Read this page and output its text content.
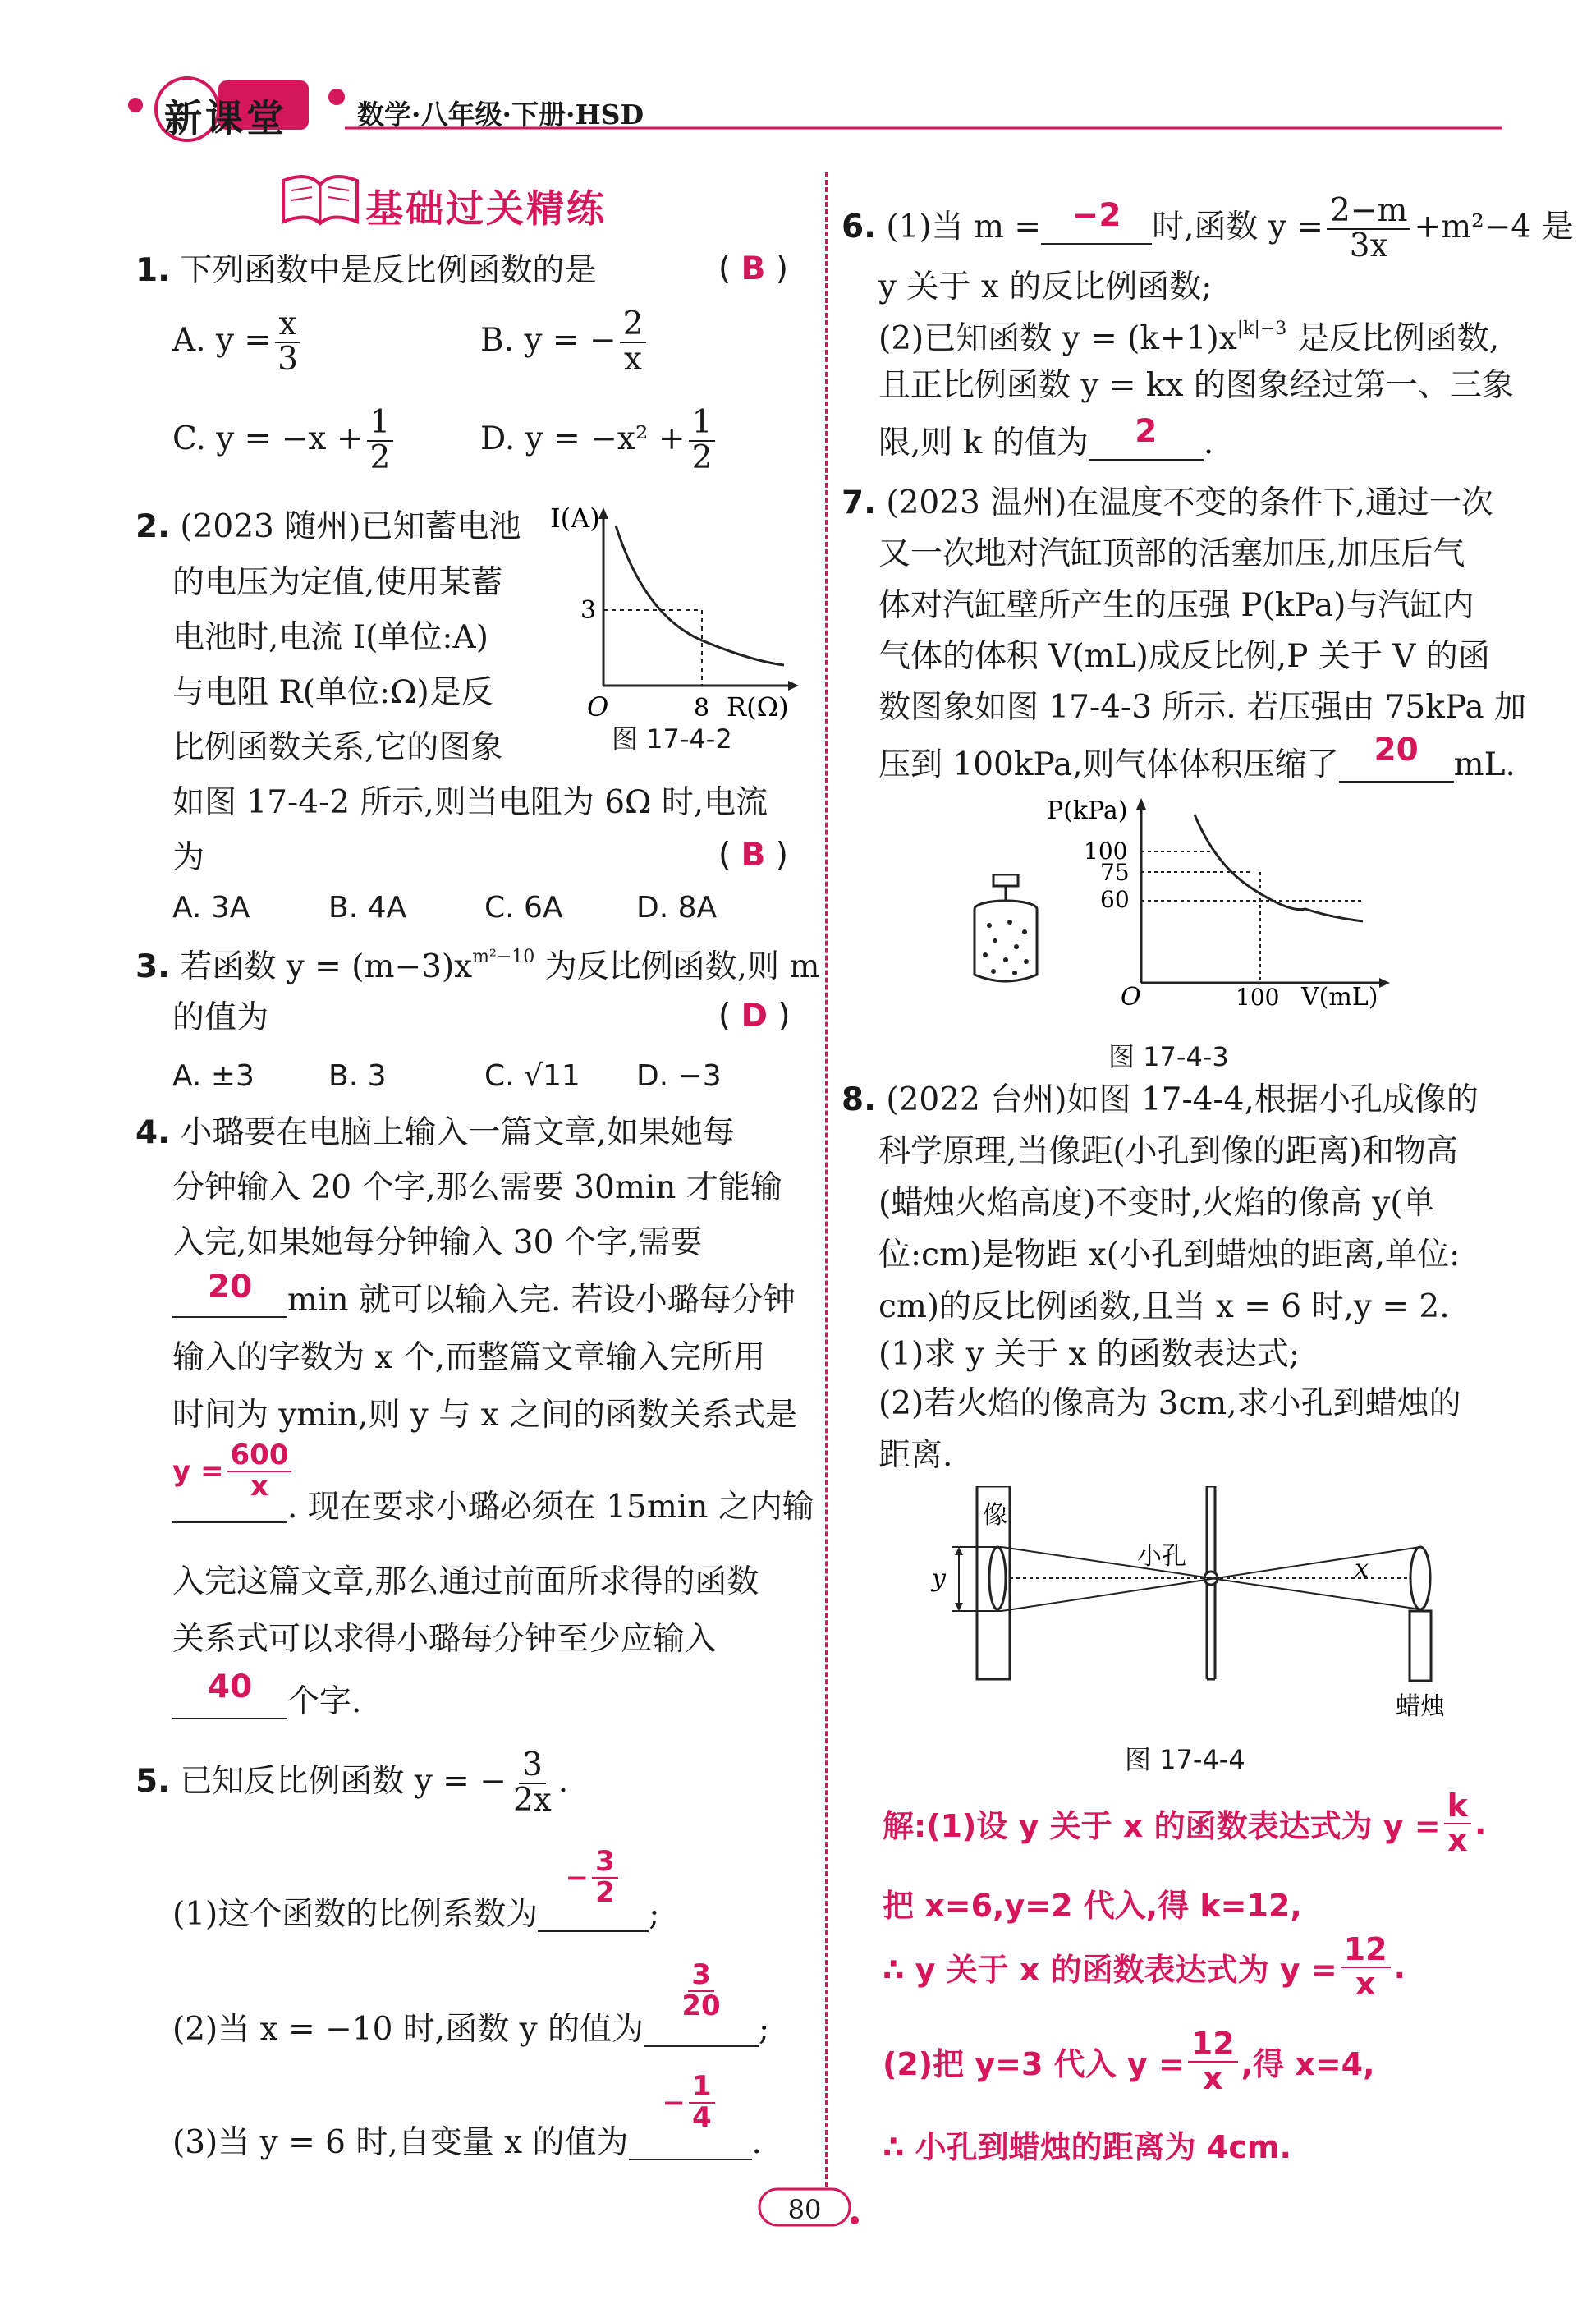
新课堂	数学·八年级·下册·HSD
基础过关精练
1. 下列函数中是反比例函数的是	( B )
A. $y = \frac{x}{3}$	B. y = − $\frac{2}{x}$
C. $y = -x + \frac{1}{2}$	D. $y = -x^2 + \frac{1}{2}$
2. (2023 随州)已知蓄电池
的电压为定值,使用某蓄
电池时,电流 I(单位:A)
与电阻 R(单位:Ω)是反
比例函数关系,它的图象
如图 17-4-2 所示,则当电阻为 6Ω 时,电流
为	( B )
A. 3A	B. 4A	C. 6A D. 8A
I(A)
3
O	8 R(Ω)
图 17-4-2
3. 若函数 $y = (m-3)x^{m^2-10}$ 为反比例函数,则 m
的值为	( D )
A. ±3	B. 3	C. √11 D. −3
4. 小璐要在电脑上输入一篇文章,如果她每
分钟输入 20 个字,那么需要 30min 才能输
入完,如果她每分钟输入 30 个字,需要
20	min 就可以输入完. 若设小璐每分钟
输入的字数为 x 个,而整篇文章输入完所用
时间为 ymin,则 y 与 x 之间的函数关系式是
$y = \frac{600}{x}$
. 现在要求小璐必须在 15min 之内输
入完这篇文章,那么通过前面所求得的函数
关系式可以求得小璐每分钟至少应输入
40	个字.
5. 已知反比例函数 y = − $\frac{3}{2x}$ .
(1)这个函数的比例系数为
− $\frac{3}{2}$
;
(2)当 x = −10 时,函数 y 的值为
$\frac{3}{20}$
;
(3)当 y = 6 时,自变量 x 的值为
− $\frac{1}{4}$
.
6. (1)当 m = −2 时,函数 $y = \frac{2-m}{3x} +m^2-4$ 是
y 关于 x 的反比例函数;
(2)已知函数 $y = (k+1)x^{|k|-3}$ 是反比例函数,
且正比例函数 y = kx 的图象经过第一、三象
限,则 k 的值为	2	.
7. (2023 温州)在温度不变的条件下,通过一次
又一次地对汽缸顶部的活塞加压,加压后气
体对汽缸壁所产生的压强 P(kPa)与汽缸内
气体的体积 V(mL)成反比例,P 关于 V 的函
数图象如图 17-4-3 所示. 若压强由 75kPa 加
压到 100kPa,则气体体积压缩了	20	mL.
P(kPa)
100
75
60
O	100 V(mL)
图 17-4-3
8. (2022 台州)如图 17-4-4,根据小孔成像的
科学原理,当像距(小孔到像的距离)和物高
(蜡烛火焰高度)不变时,火焰的像高 y(单
位:cm)是物距 x(小孔到蜡烛的距离,单位:
cm)的反比例函数,且当 x = 6 时,y = 2.
(1)求 y 关于 x 的函数表达式;
(2)若火焰的像高为 3cm,求小孔到蜡烛的
距离.
像
y
小孔	x
蜡烛
图 17-4-4
解:(1)设 y 关于 x 的函数表达式为 $y = \frac{k}{x}$ .
把 x=6,y=2 代入,得 k=12,
∴ y 关于 x 的函数表达式为 $y = \frac{12}{x}$ .
(2)把 y=3 代入 $y = \frac{12}{x}$ ,得 x=4,
∴ 小孔到蜡烛的距离为 4cm.
80
